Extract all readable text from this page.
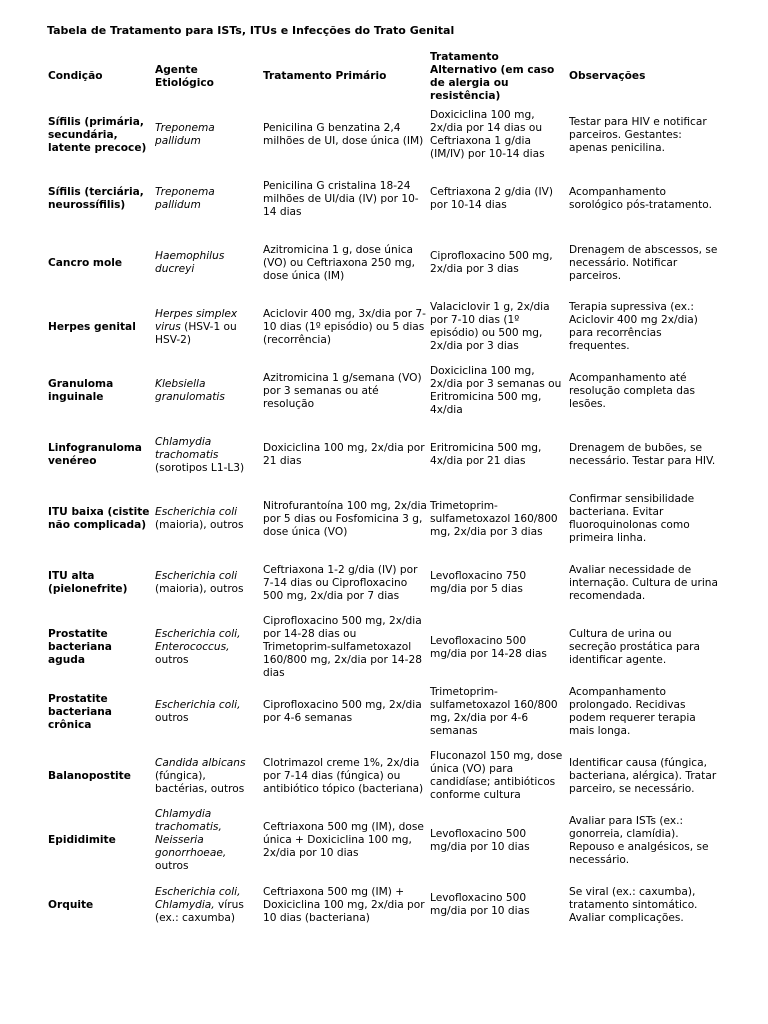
Tabela de Tratamento para ISTs, ITUs e Infecções do Trato Genital
Condição	Agente Etiológico	Tratamento Primário	Tratamento Alternativo (em caso de alergia ou resistência)	Observações
Sífilis (primária, secundária, latente precoce)	Treponema pallidum	Penicilina G benzatina 2,4 milhões de UI, dose única (IM)	Doxiciclina 100 mg, 2x/dia por 14 dias ou Ceftriaxona 1 g/dia (IM/IV) por 10-14 dias	Testar para HIV e notificar parceiros. Gestantes: apenas penicilina.
Sífilis (terciária, neurossífilis)	Treponema pallidum	Penicilina G cristalina 18-24 milhões de UI/dia (IV) por 10-14 dias	Ceftriaxona 2 g/dia (IV) por 10-14 dias	Acompanhamento sorológico pós-tratamento.
Cancro mole	Haemophilus ducreyi	Azitromicina 1 g, dose única (VO) ou Ceftriaxona 250 mg, dose única (IM)	Ciprofloxacino 500 mg, 2x/dia por 3 dias	Drenagem de abscessos, se necessário. Notificar parceiros.
Herpes genital	Herpes simplex virus (HSV-1 ou HSV-2)	Aciclovir 400 mg, 3x/dia por 7-10 dias (1º episódio) ou 5 dias (recorrência)	Valaciclovir 1 g, 2x/dia por 7-10 dias (1º episódio) ou 500 mg, 2x/dia por 3 dias	Terapia supressiva (ex.: Aciclovir 400 mg 2x/dia) para recorrências frequentes.
Granuloma inguinale	Klebsiella granulomatis	Azitromicina 1 g/semana (VO) por 3 semanas ou até resolução	Doxiciclina 100 mg, 2x/dia por 3 semanas ou Eritromicina 500 mg, 4x/dia	Acompanhamento até resolução completa das lesões.
Linfogranuloma venéreo	Chlamydia trachomatis (sorotipos L1-L3)	Doxiciclina 100 mg, 2x/dia por 21 dias	Eritromicina 500 mg, 4x/dia por 21 dias	Drenagem de bubões, se necessário. Testar para HIV.
ITU baixa (cistite não complicada)	Escherichia coli (maioria), outros	Nitrofurantoína 100 mg, 2x/dia por 5 dias ou Fosfomicina 3 g, dose única (VO)	Trimetoprim-sulfametoxazol 160/800 mg, 2x/dia por 3 dias	Confirmar sensibilidade bacteriana. Evitar fluoroquinolonas como primeira linha.
ITU alta (pielonefrite)	Escherichia coli (maioria), outros	Ceftriaxona 1-2 g/dia (IV) por 7-14 dias ou Ciprofloxacino 500 mg, 2x/dia por 7 dias	Levofloxacino 750 mg/dia por 5 dias	Avaliar necessidade de internação. Cultura de urina recomendada.
Prostatite bacteriana aguda	Escherichia coli, Enterococcus, outros	Ciprofloxacino 500 mg, 2x/dia por 14-28 dias ou Trimetoprim-sulfametoxazol 160/800 mg, 2x/dia por 14-28 dias	Levofloxacino 500 mg/dia por 14-28 dias	Cultura de urina ou secreção prostática para identificar agente.
Prostatite bacteriana crônica	Escherichia coli, outros	Ciprofloxacino 500 mg, 2x/dia por 4-6 semanas	Trimetoprim-sulfametoxazol 160/800 mg, 2x/dia por 4-6 semanas	Acompanhamento prolongado. Recidivas podem requerer terapia mais longa.
Balanopostite	Candida albicans (fúngica), bactérias, outros	Clotrimazol creme 1%, 2x/dia por 7-14 dias (fúngica) ou antibiótico tópico (bacteriana)	Fluconazol 150 mg, dose única (VO) para candidíase; antibióticos conforme cultura	Identificar causa (fúngica, bacteriana, alérgica). Tratar parceiro, se necessário.
Epididimite	Chlamydia trachomatis, Neisseria gonorrhoeae, outros	Ceftriaxona 500 mg (IM), dose única + Doxiciclina 100 mg, 2x/dia por 10 dias	Levofloxacino 500 mg/dia por 10 dias	Avaliar para ISTs (ex.: gonorreia, clamídia). Repouso e analgésicos, se necessário.
Orquite	Escherichia coli, Chlamydia, vírus (ex.: caxumba)	Ceftriaxona 500 mg (IM) + Doxiciclina 100 mg, 2x/dia por 10 dias (bacteriana)	Levofloxacino 500 mg/dia por 10 dias	Se viral (ex.: caxumba), tratamento sintomático. Avaliar complicações.
